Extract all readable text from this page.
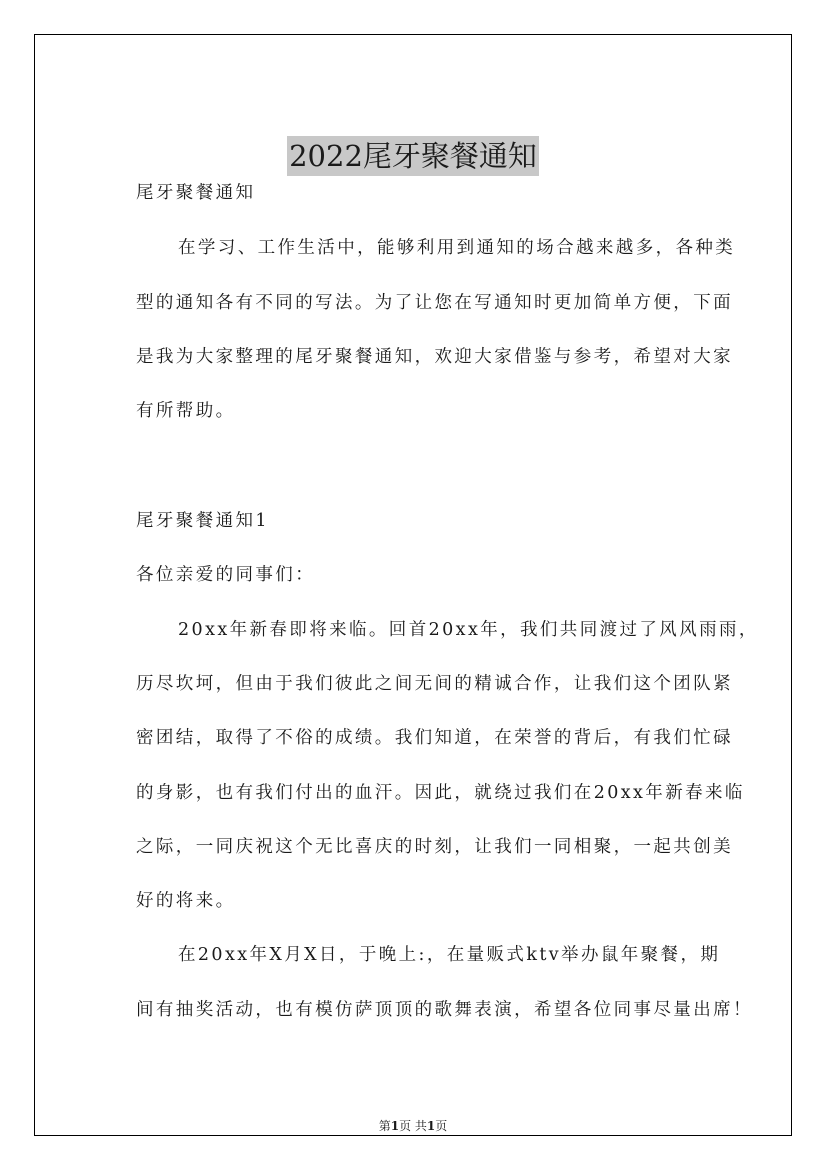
2022尾牙聚餐通知
尾牙聚餐通知
在学习、工作生活中，能够利用到通知的场合越来越多，各种类
型的通知各有不同的写法。为了让您在写通知时更加简单方便，下面
是我为大家整理的尾牙聚餐通知，欢迎大家借鉴与参考，希望对大家
有所帮助。
尾牙聚餐通知1
各位亲爱的同事们：
20xx年新春即将来临。回首20xx年，我们共同渡过了风风雨雨，
历尽坎坷，但由于我们彼此之间无间的精诚合作，让我们这个团队紧
密团结，取得了不俗的成绩。我们知道，在荣誉的背后，有我们忙碌
的身影，也有我们付出的血汗。因此，就绕过我们在20xx年新春来临
之际，一同庆祝这个无比喜庆的时刻，让我们一同相聚，一起共创美
好的将来。
在20xx年X月X日，于晚上:，在量贩式ktv举办鼠年聚餐，期
间有抽奖活动，也有模仿萨顶顶的歌舞表演，希望各位同事尽量出席！
第1页 共1页
